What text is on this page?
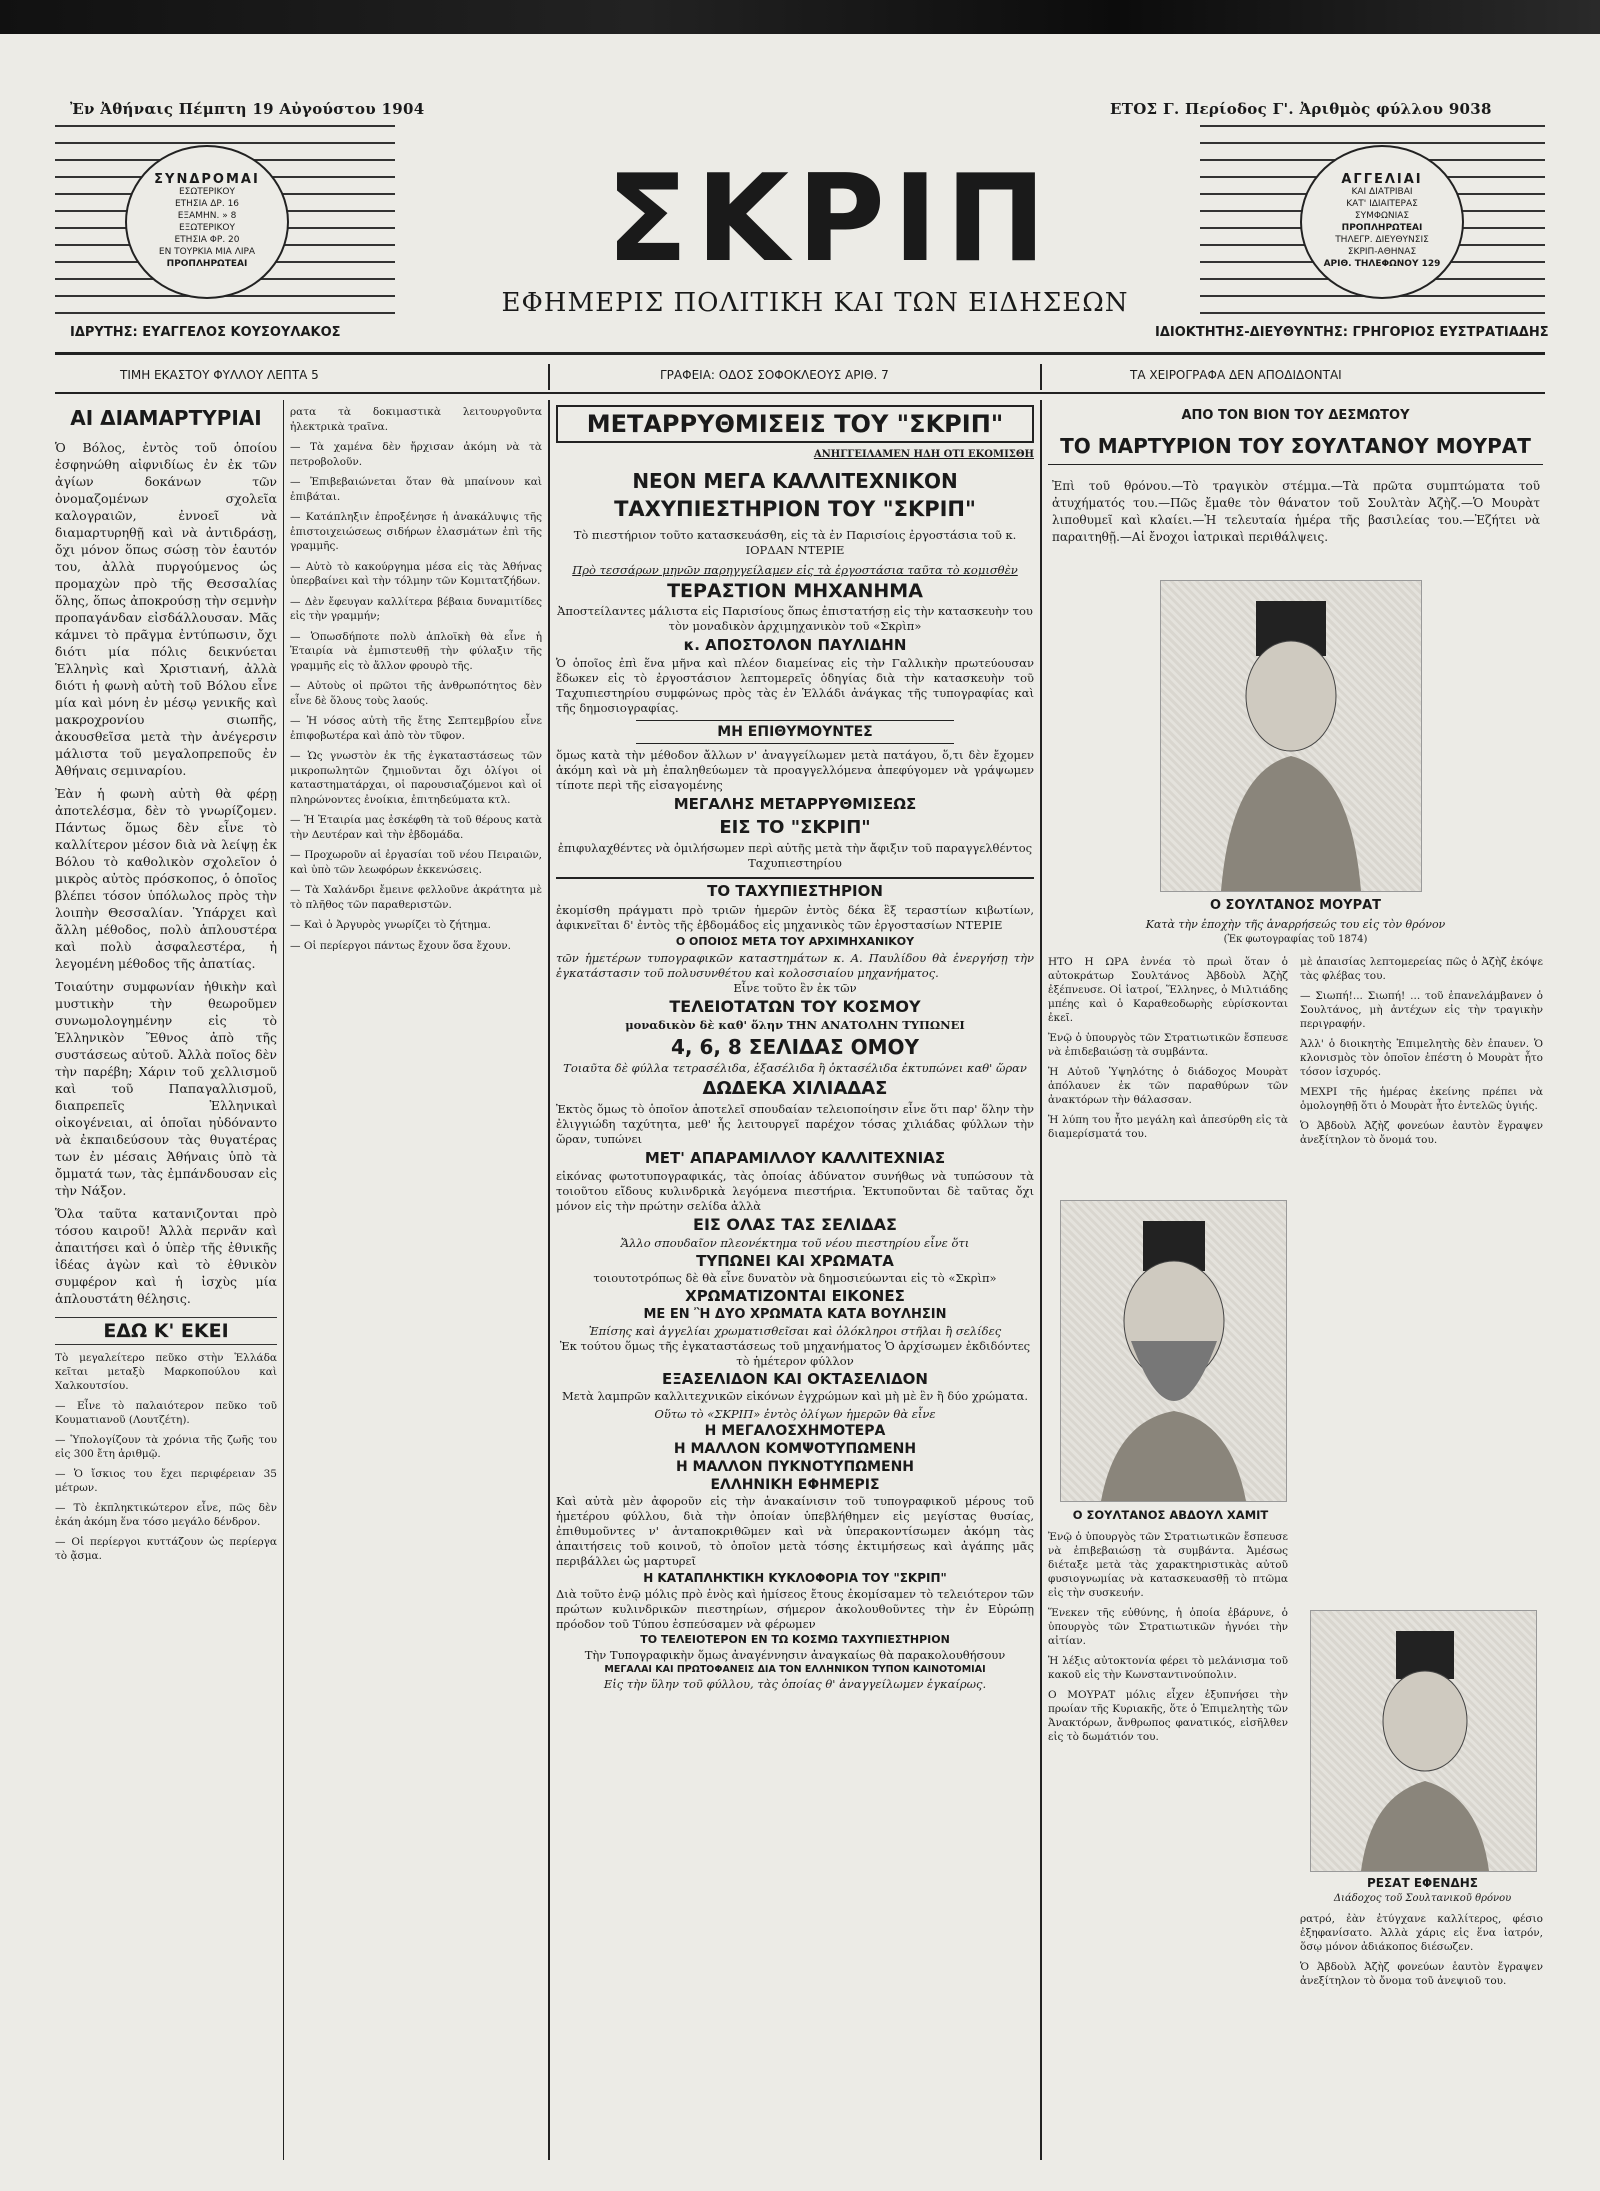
Ἐν Ἀθήναις Πέμπτη 19 Αὐγούστου 1904	ΕΤΟΣ Γ. Περίοδος Γ'. Ἀριθμὸς φύλλου 9038
ΣΥΝΔΡΟΜΑΙ
ΕΣΩΤΕΡΙΚΟΥ
ΕΤΗΣΙΑ ΔΡ. 16
ΕΞΑΜΗΝ. » 8
ΕΞΩΤΕΡΙΚΟΥ
ΕΤΗΣΙΑ ΦΡ. 20
ΕΝ ΤΟΥΡΚΙΑ ΜΙΑ ΛΙΡΑ
ΠΡΟΠΛΗΡΩΤΕΑΙ
ΑΓΓΕΛΙΑΙ
ΚΑΙ ΔΙΑΤΡΙΒΑΙ
ΚΑΤ' ΙΔΙΑΙΤΕΡΑΣ
ΣΥΜΦΩΝΙΑΣ
ΠΡΟΠΛΗΡΩΤΕΑΙ
ΤΗΛΕΓΡ. ΔΙΕΥΘΥΝΣΙΣ
ΣΚΡΙΠ-ΑΘΗΝΑΣ
ΑΡΙΘ. ΤΗΛΕΦΩΝΟΥ 129
ΣΚΡΙΠ
ΕΦΗΜΕΡΙΣ ΠΟΛΙΤΙΚΗ ΚΑΙ ΤΩΝ ΕΙΔΗΣΕΩΝ
ΙΔΡΥΤΗΣ: ΕΥΑΓΓΕΛΟΣ ΚΟΥΣΟΥΛΑΚΟΣ	ΙΔΙΟΚΤΗΤΗΣ-ΔΙΕΥΘΥΝΤΗΣ: ΓΡΗΓΟΡΙΟΣ ΕΥΣΤΡΑΤΙΑΔΗΣ
ΤΙΜΗ ΕΚΑΣΤΟΥ ΦΥΛΛΟΥ ΛΕΠΤΑ 5	ΓΡΑΦΕΙΑ: ΟΔΟΣ ΣΟΦΟΚΛΕΟΥΣ ΑΡΙΘ. 7	ΤΑ ΧΕΙΡΟΓΡΑΦΑ ΔΕΝ ΑΠΟΔΙΔΟΝΤΑΙ
ΑΙ ΔΙΑΜΑΡΤΥΡΙΑΙ

Ὁ Βόλος, ἐντὸς τοῦ ὁποίου ἐσφηνώθη αἰφνιδίως ἐν ἐκ τῶν ἀγίων δοκάνων τῶν ὀνομαζομένων σχολεῖα καλογραιῶν, ἐννοεῖ νὰ διαμαρτυρηθῇ καὶ νὰ ἀντιδράσῃ, ὄχι μόνον ὅπως σώσῃ τὸν ἑαυτόν του, ἀλλὰ πυργούμενος ὡς προμαχὼν πρὸ τῆς Θεσσαλίας ὅλης, ὅπως ἀποκρούσῃ τὴν σεμνὴν προπαγάνδαν εἰσδάλλουσαν. Μᾶς κάμνει τὸ πρᾶγμα ἐντύπωσιν, ὄχι διότι μία πόλις δεικνύεται Ἑλληνὶς καὶ Χριστιανή, ἀλλὰ διότι ἡ φωνὴ αὐτὴ τοῦ Βόλου εἶνε μία καὶ μόνη ἐν μέσῳ γενικῆς καὶ μακροχρονίου σιωπῆς, ἀκουσθεῖσα μετὰ τὴν ἀνέγερσιν μάλιστα τοῦ μεγαλοπρεποῦς ἐν Ἀθήναις σεμιναρίου.

Ἐὰν ἡ φωνὴ αὐτὴ θὰ φέρῃ ἀποτελέσμα, δὲν τὸ γνωρίζομεν. Πάντως ὅμως δὲν εἶνε τὸ καλλίτερον μέσον διὰ νὰ λείψῃ ἐκ Βόλου τὸ καθολικὸν σχολεῖον ὁ μικρὸς αὐτὸς πρόσκοπος, ὁ ὁποῖος βλέπει τόσον ὑπόλωλος πρὸς τὴν λοιπὴν Θεσσαλίαν. Ὑπάρχει καὶ ἄλλη μέθοδος, πολὺ ἁπλουστέρα καὶ πολὺ ἀσφαλεστέρα, ἡ λεγομένη μέθοδος τῆς ἀπατίας.

Τοιαύτην συμφωνίαν ἠθικὴν καὶ μυστικὴν τὴν θεωροῦμεν συνωμολογημένην εἰς τὸ Ἑλληνικὸν Ἔθνος ἀπὸ τῆς συστάσεως αὐτοῦ. Ἀλλὰ ποῖος δὲν τὴν παρέβη; Χάριν τοῦ χελλισμοῦ καὶ τοῦ Παπαγαλλισμοῦ, διαπρεπεῖς Ἑλληνικαὶ οἰκογένειαι, αἱ ὁποῖαι ηὐδόναντο νὰ ἐκπαιδεύσουν τὰς θυγατέρας των ἐν μέσαις Ἀθήναις ὑπὸ τὰ ὄμματά των, τὰς ἐμπάνδουσαν εἰς τὴν Νάξον.

Ὅλα ταῦτα κατανιζονται πρὸ τόσου καιροῦ! Ἀλλὰ περνᾶν καὶ ἀπαιτήσει καὶ ὁ ὑπὲρ τῆς ἐθνικῆς ἰδέας ἀγὼν καὶ τὸ ἐθνικὸν συμφέρον καὶ ἡ ἰσχὺς μία ἁπλουστάτη θέλησις.

ΕΔΩ Κ' ΕΚΕΙ

Τὸ μεγαλείτερο πεῦκο στὴν Ἑλλάδα κεῖται μεταξὺ Μαρκοπούλου καὶ Χαλκουτσίου.

— Εἶνε τὸ παλαιότερον πεῦκο τοῦ Κουματιανοῦ (Λουτζέτη).

— Ὑπολογίζουν τὰ χρόνια τῆς ζωῆς του εἰς 300 ἔτη ἀριθμῷ.

— Ὁ ἴσκιος του ἔχει περιφέρειαν 35 μέτρων.

— Τὸ ἐκπληκτικώτερον εἶνε, πῶς δὲν ἐκάη ἀκόμη ἕνα τόσο μεγάλο δένδρον.

— Οἱ περίεργοι κυττάζουν ὡς περίεργα τὸ ᾄσμα.

ρατα τὰ δοκιμαστικὰ λειτουργοῦντα ἠλεκτρικὰ τραῖνα.

— Τὰ χαμένα δὲν ἤρχισαν ἀκόμη νὰ τὰ πετροβολοῦν.

— Ἐπιβεβαιώνεται ὅταν θὰ μπαίνουν καὶ ἐπιβάται.

— Κατάπληξιν ἐπροξένησε ἡ ἀνακάλυψις τῆς ἐπιστοιχειώσεως σιδήρων ἐλασμάτων ἐπὶ τῆς γραμμῆς.

— Αὐτὸ τὸ κακούργημα μέσα εἰς τὰς Ἀθήνας ὑπερβαίνει καὶ τὴν τόλμην τῶν Κομιτατζήδων.

— Δὲν ἔφευγαν καλλίτερα βέβαια δυναμιτίδες εἰς τὴν γραμμήν;

— Ὁπωσδήποτε πολὺ ἀπλοϊκὴ θὰ εἶνε ἡ Ἑταιρία νὰ ἐμπιστευθῇ τὴν φύλαξιν τῆς γραμμῆς εἰς τὸ ἄλλον φρουρὸ τῆς.

— Αὐτοὺς οἱ πρῶτοι τῆς ἀνθρωπότητος δὲν εἶνε δὲ ὅλους τοὺς λαούς.

— Ἡ νόσος αὐτὴ τῆς ἔτης Σεπτεμβρίου εἶνε ἐπιφοβωτέρα καὶ ἀπὸ τὸν τῦφον.

— Ὡς γνωστὸν ἐκ τῆς ἐγκαταστάσεως τῶν μικροπωλητῶν ζημιοῦνται ὄχι ὀλίγοι οἱ καταστηματάρχαι, οἱ παρουσιαζόμενοι καὶ οἱ πληρώνοντες ἐνοίκια, ἐπιτηδεύματα κτλ.

— Ἡ Ἑταιρία μας ἐσκέφθη τὰ τοῦ θέρους κατὰ τὴν Δευτέραν καὶ τὴν ἑβδομάδα.

— Προχωροῦν αἱ ἐργασίαι τοῦ νέου Πειραιῶν, καὶ ὑπὸ τῶν λεωφόρων ἐκκενώσεις.

— Τὰ Χαλάνδρι ἔμεινε φελλοῦνε ἀκράτητα μὲ τὸ πλῆθος τῶν παραθεριστῶν.

— Καὶ ὁ Ἀργυρὸς γνωρίζει τὸ ζήτημα.

— Οἱ περίεργοι πάντως ἔχουν ὅσα ἔχουν.

ΜΕΤΑΡΡΥΘΜΙΣΕΙΣ ΤΟΥ "ΣΚΡΙΠ"
ΑΝΗΓΓΕΙΛΑΜΕΝ ΗΔΗ ΟΤΙ ΕΚΟΜΙΣΘΗ
ΝΕΟΝ ΜΕΓΑ ΚΑΛΛΙΤΕΧΝΙΚΟΝ
ΤΑΧΥΠΙΕΣΤΗΡΙΟΝ ΤΟΥ "ΣΚΡΙΠ"
Τὸ πιεστήριον τοῦτο κατασκευάσθη, εἰς τὰ ἐν Παρισίοις ἐργοστάσια τοῦ κ. ΙΟΡΔΑΝ ΝΤΕΡΙΕ
Πρὸ τεσσάρων μηνῶν παρηγγείλαμεν εἰς τὰ ἐργοστάσια ταῦτα τὸ κομισθὲν
ΤΕΡΑΣΤΙΟΝ ΜΗΧΑΝΗΜΑ
Ἀποστείλαντες μάλιστα εἰς Παρισίους ὅπως ἐπιστατήσῃ εἰς τὴν κατασκευὴν του τὸν μοναδικὸν ἀρχιμηχανικὸν τοῦ «Σκρὶπ»
κ. ΑΠΟΣΤΟΛΟΝ ΠΑΥΛΙΔΗΝ
Ὁ ὁποῖος ἐπὶ ἕνα μῆνα καὶ πλέον διαμείνας εἰς τὴν Γαλλικὴν πρωτεύουσαν ἔδωκεν εἰς τὸ ἐργοστάσιον λεπτομερεῖς ὁδηγίας διὰ τὴν κατασκευὴν τοῦ Ταχυπιεστηρίου συμφώνως πρὸς τὰς ἐν Ἑλλάδι ἀνάγκας τῆς τυπογραφίας καὶ τῆς δημοσιογραφίας.
ΜΗ ΕΠΙΘΥΜΟΥΝΤΕΣ
ὅμως κατὰ τὴν μέθοδον ἄλλων ν' ἀναγγείλωμεν μετὰ πατάγου, ὅ,τι δὲν ἔχομεν ἀκόμη καὶ νὰ μὴ ἐπαληθεύωμεν τὰ προαγγελλόμενα ἀπεφύγομεν νὰ γράψωμεν τίποτε περὶ τῆς εἰσαγομένης
ΜΕΓΑΛΗΣ ΜΕΤΑΡΡΥΘΜΙΣΕΩΣ
ΕΙΣ ΤΟ "ΣΚΡΙΠ"
ἐπιφυλαχθέντες νὰ ὁμιλήσωμεν περὶ αὐτῆς μετὰ τὴν ἄφιξιν τοῦ παραγγελθέντος Ταχυπιεστηρίου
ΤΟ ΤΑΧΥΠΙΕΣΤΗΡΙΟΝ
ἐκομίσθη πράγματι πρὸ τριῶν ἡμερῶν ἐντὸς δέκα ἓξ τεραστίων κιβωτίων, ἀφικνεῖται δ' ἐντὸς τῆς ἑβδομάδος εἰς μηχανικὸς τῶν ἐργοστασίων ΝΤΕΡΙΕ
Ο ΟΠΟΙΟΣ ΜΕΤΑ ΤΟΥ ΑΡΧΙΜΗΧΑΝΙΚΟΥ
τῶν ἡμετέρων τυπογραφικῶν καταστημάτων κ. Α. Παυλίδου θὰ ἐνεργήσῃ τὴν ἐγκατάστασιν τοῦ πολυσυνθέτου καὶ κολοσσιαίου μηχανήματος.
Εἶνε τοῦτο ἓν ἐκ τῶν
ΤΕΛΕΙΟΤΑΤΩΝ ΤΟΥ ΚΟΣΜΟΥ
μοναδικὸν δὲ καθ' ὅλην ΤΗΝ ΑΝΑΤΟΛΗΝ ΤΥΠΩΝΕΙ
4, 6, 8 ΣΕΛΙΔΑΣ ΟΜΟΥ
Τοιαῦτα δὲ φύλλα τετρασέλιδα, ἑξασέλιδα ἢ ὀκτασέλιδα ἐκτυπώνει καθ' ὥραν
ΔΩΔΕΚΑ ΧΙΛΙΑΔΑΣ
Ἐκτὸς ὅμως τὸ ὁποῖον ἀποτελεῖ σπουδαίαν τελειοποίησιν εἶνε ὅτι παρ' ὅλην τὴν ἐλιγγιώδη ταχύτητα, μεθ' ἧς λειτουργεῖ παρέχον τόσας χιλιάδας φύλλων τὴν ὥραν, τυπώνει
ΜΕΤ' ΑΠΑΡΑΜΙΛΛΟΥ ΚΑΛΛΙΤΕΧΝΙΑΣ
εἰκόνας φωτοτυπογραφικάς, τὰς ὁποίας ἀδύνατον συνήθως νὰ τυπώσουν τὰ τοιοῦτου εἴδους κυλινδρικὰ λεγόμενα πιεστήρια. Ἐκτυποῦνται δὲ ταῦτας ὄχι μόνον εἰς τὴν πρώτην σελίδα ἀλλὰ
ΕΙΣ ΟΛΑΣ ΤΑΣ ΣΕΛΙΔΑΣ
Ἄλλο σπουδαῖον πλεονέκτημα τοῦ νέου πιεστηρίου εἶνε ὅτι
ΤΥΠΩΝΕΙ ΚΑΙ ΧΡΩΜΑΤΑ
τοιουτοτρόπως δὲ θὰ εἶνε δυνατὸν νὰ δημοσιεύωνται εἰς τὸ «Σκρὶπ»
ΧΡΩΜΑΤΙΖΟΝΤΑΙ ΕΙΚΟΝΕΣ
ΜΕ ΕΝ Ἢ ΔΥΟ ΧΡΩΜΑΤΑ ΚΑΤΑ ΒΟΥΛΗΣΙΝ
Ἐπίσης καὶ ἀγγελίαι χρωματισθεῖσαι καὶ ὁλόκληροι στῆλαι ἢ σελίδες
Ἐκ τούτου ὅμως τῆς ἐγκαταστάσεως τοῦ μηχανήματος Ὁ ἀρχίσωμεν ἐκδιδόντες τὸ ἡμέτερον φύλλον
ΕΞΑΣΕΛΙΔΟΝ ΚΑΙ ΟΚΤΑΣΕΛΙΔΟΝ
Μετὰ λαμπρῶν καλλιτεχνικῶν εἰκόνων ἐγχρώμων καὶ μὴ μὲ ἓν ἢ δύο χρώματα.
Οὕτω τὸ «ΣΚΡΙΠ» ἐντὸς ὀλίγων ἡμερῶν θὰ εἶνε
Η ΜΕΓΑΛΟΣΧΗΜΟΤΕΡΑ
Η ΜΑΛΛΟΝ ΚΟΜΨΟΤΥΠΩΜΕΝΗ
Η ΜΑΛΛΟΝ ΠΥΚΝΟΤΥΠΩΜΕΝΗ
ΕΛΛΗΝΙΚΗ ΕΦΗΜΕΡΙΣ
Καὶ αὐτὰ μὲν ἀφοροῦν εἰς τὴν ἀνακαίνισιν τοῦ τυπογραφικοῦ μέρους τοῦ ἡμετέρου φύλλου, διὰ τὴν ὁποίαν ὑπεβλήθημεν εἰς μεγίστας θυσίας, ἐπιθυμοῦντες ν' ἀνταποκριθῶμεν καὶ νὰ ὑπερακοντίσωμεν ἀκόμη τὰς ἀπαιτήσεις τοῦ κοινοῦ, τὸ ὁποῖον μετὰ τόσης ἐκτιμήσεως καὶ ἀγάπης μᾶς περιβάλλει ὡς μαρτυρεῖ
Η ΚΑΤΑΠΛΗΚΤΙΚΗ ΚΥΚΛΟΦΟΡΙΑ ΤΟΥ "ΣΚΡΙΠ"
Διὰ τοῦτο ἐνῷ μόλις πρὸ ἑνὸς καὶ ἡμίσεος ἔτους ἐκομίσαμεν τὸ τελειότερον τῶν πρώτων κυλινδρικῶν πιεστηρίων, σήμερον ἀκολουθοῦντες τὴν ἐν Εὐρώπῃ πρόοδον τοῦ Τύπου ἐσπεύσαμεν νὰ φέρωμεν
ΤΟ ΤΕΛΕΙΟΤΕΡΟΝ ΕΝ ΤΩ ΚΟΣΜΩ ΤΑΧΥΠΙΕΣΤΗΡΙΟΝ
Τὴν Τυπογραφικὴν ὅμως ἀναγέννησιν ἀναγκαίως θὰ παρακολουθήσουν
ΜΕΓΑΛΑΙ ΚΑΙ ΠΡΩΤΟΦΑΝΕΙΣ ΔΙΑ ΤΟΝ ΕΛΛΗΝΙΚΟΝ ΤΥΠΟΝ ΚΑΙΝΟΤΟΜΙΑΙ
Εἰς τὴν ὕλην τοῦ φύλλου, τὰς ὁποίας θ' ἀναγγείλωμεν ἐγκαίρως.
ΑΠΟ ΤΟΝ ΒΙΟΝ ΤΟΥ ΔΕΣΜΩΤΟΥ
ΤΟ ΜΑΡΤΥΡΙΟΝ ΤΟΥ ΣΟΥΛΤΑΝΟΥ ΜΟΥΡΑΤ
Ἐπὶ τοῦ θρόνου.—Τὸ τραγικὸν στέμμα.—Τὰ πρῶτα συμπτώματα τοῦ ἀτυχήματός του.—Πῶς ἔμαθε τὸν θάνατον τοῦ Σουλτὰν Ἀζὴζ.—Ὁ Μουρὰτ λιποθυμεῖ καὶ κλαίει.—Ἡ τελευταία ἡμέρα τῆς βασιλείας του.—Ἐζήτει νὰ παραιτηθῇ.—Αἱ ἔνοχοι ἰατρικαὶ περιθάλψεις.
Ο ΣΟΥΛΤΑΝΟΣ ΜΟΥΡΑΤ
Κατὰ τὴν ἐποχὴν τῆς ἀναρρήσεώς του εἰς τὸν θρόνον
(Ἐκ φωτογραφίας τοῦ 1874)

ΗΤΟ Η ΩΡΑ ἐννέα τὸ πρωὶ ὅταν ὁ αὐτοκράτωρ Σουλτάνος Ἀβδοὺλ Ἀζὴζ ἐξέπνευσε. Οἱ ἰατροί, Ἕλληνες, ὁ Μιλτιάδης μπέης καὶ ὁ Καραθεοδωρὴς εὑρίσκονται ἐκεῖ.

Ἐνῷ ὁ ὑπουργὸς τῶν Στρατιωτικῶν ἔσπευσε νὰ ἐπιδεβαιώσῃ τὰ συμβάντα.

Ἡ Αὐτοῦ Ὑψηλότης ὁ διάδοχος Μουρὰτ ἀπόλαυεν ἐκ τῶν παραθύρων τῶν ἀνακτόρων τὴν θάλασσαν.

Ἡ λύπη του ἦτο μεγάλη καὶ ἀπεσύρθη εἰς τὰ διαμερίσματά του.

μὲ ἀπαισίας λεπτομερείας πῶς ὁ Ἀζὴζ ἐκόψε τὰς φλέβας του.

— Σιωπή!... Σιωπή! ... τοῦ ἐπανελάμβανεν ὁ Σουλτάνος, μὴ ἀντέχων εἰς τὴν τραγικὴν περιγραφήν.

Ἀλλ' ὁ διοικητὴς Ἐπιμελητὴς δὲν ἐπαυεν. Ὁ κλονισμὸς τὸν ὁποῖον ἐπέστη ὁ Μουρὰτ ἦτο τόσον ἰσχυρός.

ΜΕΧΡΙ τῆς ἡμέρας ἐκείνης πρέπει νὰ ὁμολογηθῇ ὅτι ὁ Μουρὰτ ἦτο ἐντελῶς ὑγιής.

Ὁ Ἀβδοὺλ Ἀζὴζ φονεύων ἑαυτὸν ἔγραψεν ἀνεξίτηλον τὸ ὄνομά του.

Ο ΣΟΥΛΤΑΝΟΣ ΑΒΔΟΥΛ ΧΑΜΙΤ

Ἐνῷ ὁ ὑπουργὸς τῶν Στρατιωτικῶν ἔσπευσε νὰ ἐπιβεβαιώσῃ τὰ συμβάντα. Ἀμέσως διέταξε μετὰ τὰς χαρακτηριστικὰς αὐτοῦ φυσιογνωμίας νὰ κατασκευασθῇ τὸ πτῶμα εἰς τὴν συσκευήν.

Ἕνεκεν τῆς εὐθύνης, ἡ ὁποία ἐβάρυνε, ὁ ὑπουργὸς τῶν Στρατιωτικῶν ἠγνόει τὴν αἰτίαν.

Ἡ λέξις αὐτοκτονία φέρει τὸ μελάνισμα τοῦ κακοῦ εἰς τὴν Κωνσταντινούπολιν.

Ο ΜΟΥΡΑΤ μόλις εἶχεν ἐξυπνήσει τὴν πρωίαν τῆς Κυριακῆς, ὅτε ὁ Ἐπιμελητὴς τῶν Ἀνακτόρων, ἄνθρωπος φανατικός, εἰσῆλθεν εἰς τὸ δωμάτιόν του.

ΡΕΣΑΤ ΕΦΕΝΔΗΣ
Διάδοχος τοῦ Σουλτανικοῦ θρόνου

ρατρό, ἐὰν ἐτύγχανε καλλίτερος, φέσιο ἐξηφανίσατο. Ἀλλὰ χάρις εἰς ἕνα ἰατρόν, ὅσῳ μόνον ἀδιάκοπος διέσωζεν.

Ὁ Ἀβδοὺλ Ἀζὴζ φονεύων ἑαυτὸν ἔγραψεν ἀνεξίτηλον τὸ ὄνομα τοῦ ἀνεψιοῦ του.
